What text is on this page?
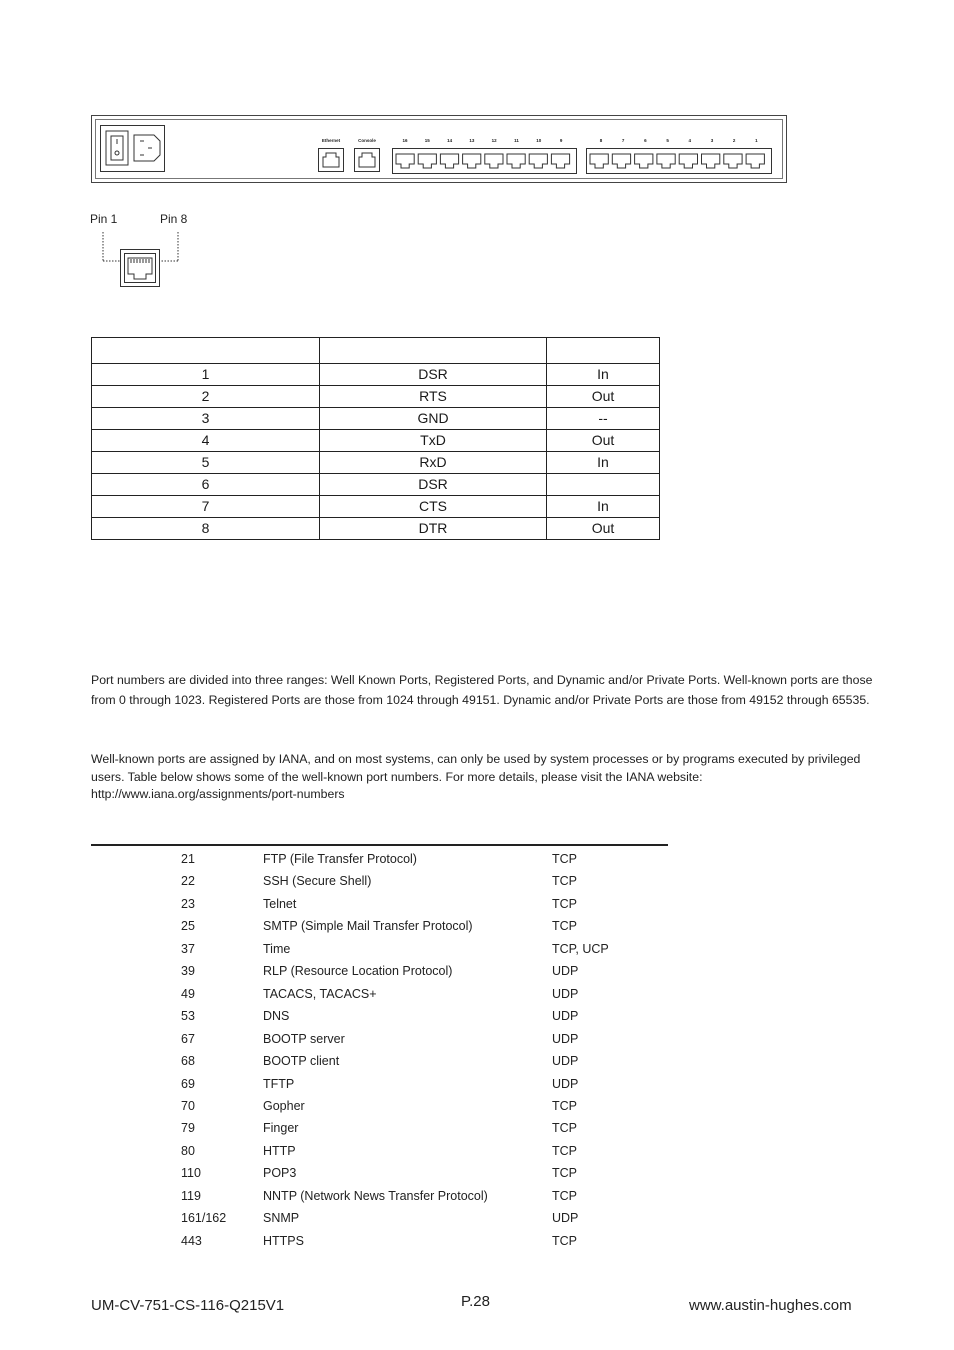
Ethernet	Console	16	15	14	13	12	11	10	9	8	7	6	5	4	3	2	1
Pin 1	Pin 8

1	DSR	In
2	RTS	Out
3	GND	--
4	TxD	Out
5	RxD	In
6	DSR	
7	CTS	In
8	DTR	Out
Port numbers are divided into three ranges: Well Known Ports, Registered Ports, and Dynamic and/or Private Ports. Well-known ports are those from 0 through 1023. Registered Ports are those from 1024 through 49151. Dynamic and/or Private Ports are those from 49152 through 65535.
Well-known ports are assigned by IANA, and on most systems, can only be used by system processes or by programs executed by privileged users. Table below shows some of the well-known port numbers. For more details, please visit the IANA website: http://www.iana.org/assignments/port-numbers
21	FTP (File Transfer Protocol)	TCP
22	SSH (Secure Shell)	TCP
23	Telnet	TCP
25	SMTP (Simple Mail Transfer Protocol)	TCP
37	Time	TCP, UCP
39	RLP (Resource Location Protocol)	UDP
49	TACACS, TACACS+	UDP
53	DNS	UDP
67	BOOTP server	UDP
68	BOOTP client	UDP
69	TFTP	UDP
70	Gopher	TCP
79	Finger	TCP
80	HTTP	TCP
110	POP3	TCP
119	NNTP (Network News Transfer Protocol)	TCP
161/162	SNMP	UDP
443	HTTPS	TCP
UM-CV-751-CS-116-Q215V1	P.28	www.austin-hughes.com
